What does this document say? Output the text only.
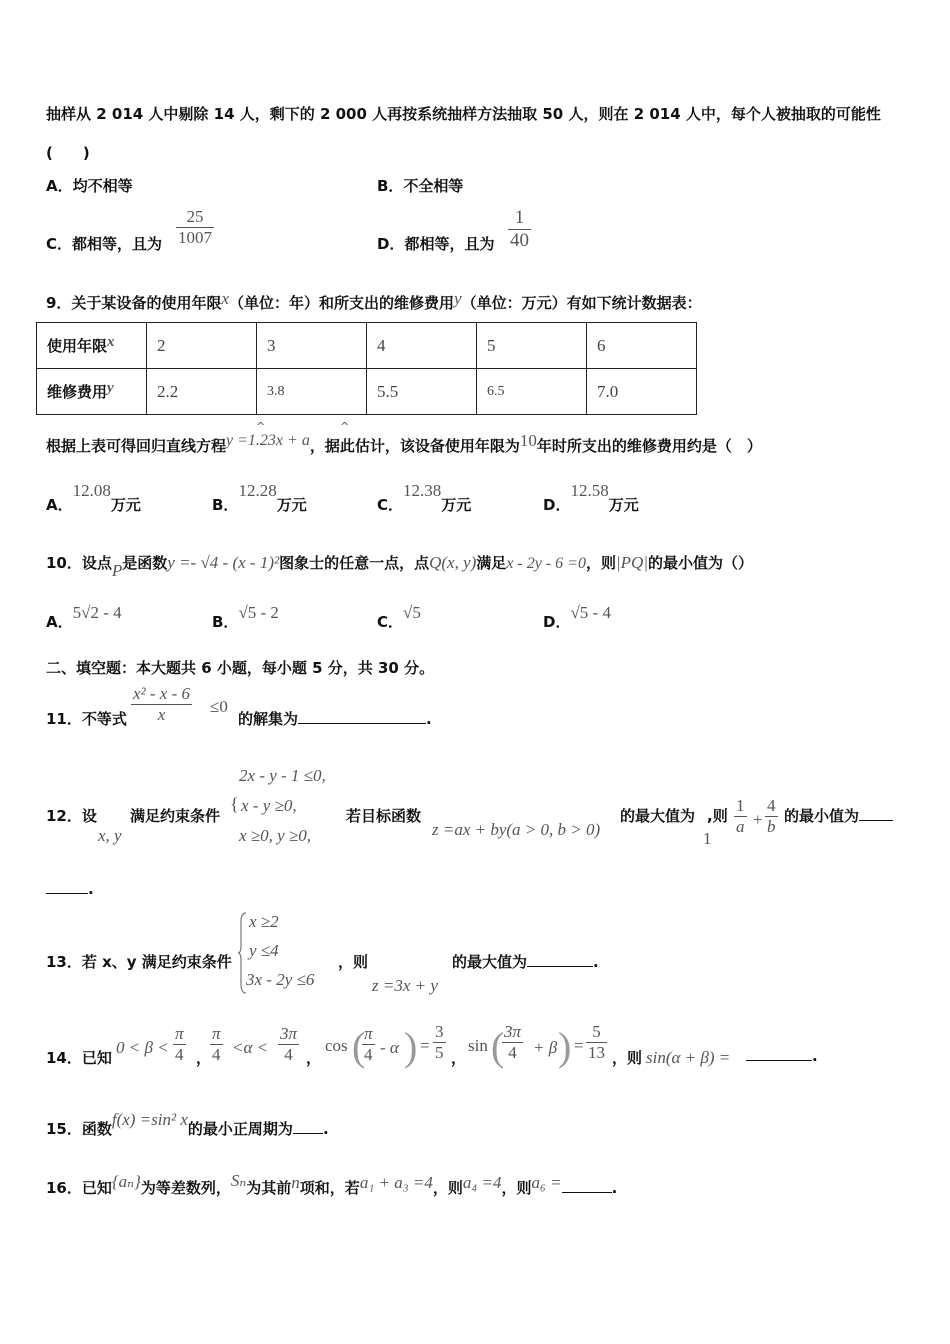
抽样从 2 014 人中剔除 14 人，剩下的 2 000 人再按系统抽样方法抽取 50 人，则在 2 014 人中，每个人被抽取的可能性
(　　)
A．均不相等	B．不全相等
C．都相等，且为 $\frac{25}{1007}$	D．都相等，且为 $\frac{1}{40}$
9．关于某设备的使用年限x（单位：年）和所支出的维修费用y（单位：万元）有如下统计数据表：
使用年限x	2	3	4	5	6
维修费用y	2.2	3.8	5.5	6.5	7.0
根据上表可得回归直线方程y =1.23x + a，据此估计，该设备使用年限为10年时所支出的维修费用约是（　）
^	^
A．12.08万元	B．12.28万元	C．12.38万元	D．12.58万元
10．设点P是函数y =- √4 - (x - 1)²图象士的任意一点，点Q(x, y)满足x - 2y - 6 =0，则|PQ|的最小值为（）
A．5√2 - 4	B．√5 - 2	C．√5	D．√5 - 4
二、填空题：本大题共 6 小题，每小题 5 分，共 30 分。
11．不等式 $\frac{\text{x² - x - 6}}{x} \le 0$
的解集为	.
12．设
x, y
满足约束条件
2x - y - 1 ≤0,
{ x - y ≥0,
x ≥0, y ≥0,
若目标函数
z =ax + by(a > 0, b > 0)
的最大值为
1
,则 $\frac{1}{a} + \frac{4}{b}$ 的最小值为
.
13．若 x、y 满足约束条件
x ≥2
y ≤4
3x - 2y ≤6
，则
z =3x + y
的最大值为	.
14．已知
$0 < \beta < \frac{\pi}{4}$ ，
$\frac{\pi}{4} <\alpha < \frac{3\pi}{4}$ ，
cos (
$\frac{\pi}{4}$ - α ) = $\frac{3}{5}$ ，
sin (
$\frac{3\pi}{4} + \beta$ ) = $\frac{5}{13}$ ，则 sin(α + β) =	.
15．函数f(x) =sin² x的最小正周期为 .
16．已知{aₙ}为等差数列，Sₙ为其前n项和，若a₁ + a₃ =4，则a₄ =4，则a₆ =	.
